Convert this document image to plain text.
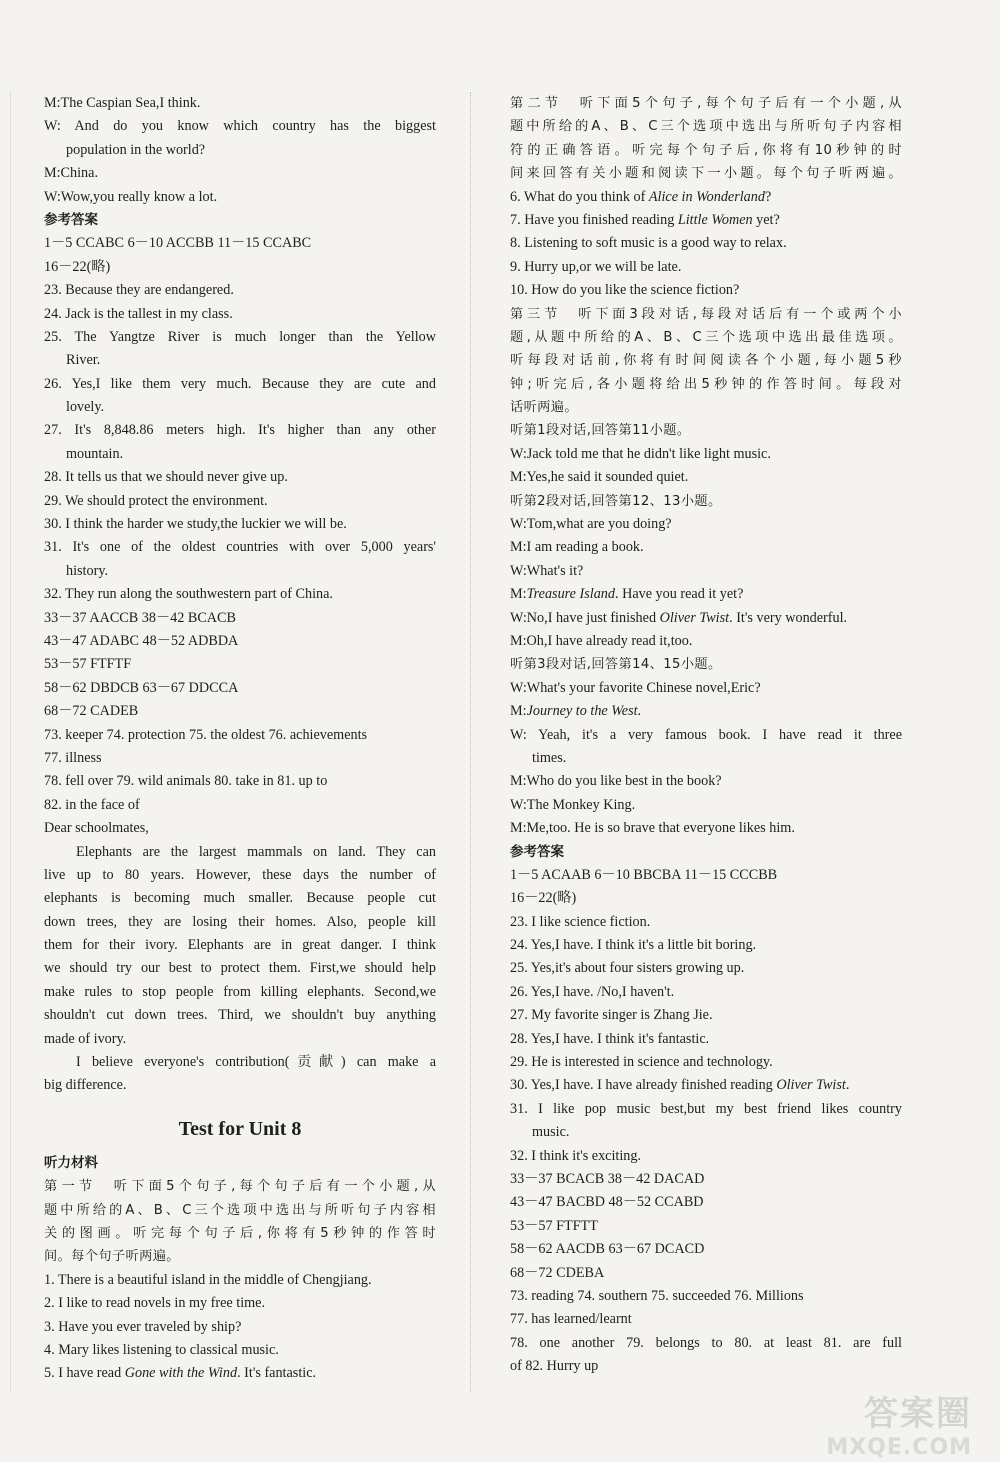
M:The Caspian Sea,I think.
W: And do you know which country has the biggest
population in the world?
M:China.
W:Wow,you really know a lot.
参考答案
1－5 CCABC 6－10 ACCBB 11－15 CCABC
16－22(略)
23. Because they are endangered.
24. Jack is the tallest in my class.
25. The Yangtze River is much longer than the Yellow
River.
26. Yes,I like them very much. Because they are cute and
lovely.
27. It's 8,848.86 meters high. It's higher than any other
mountain.
28. It tells us that we should never give up.
29. We should protect the environment.
30. I think the harder we study,the luckier we will be.
31. It's one of the oldest countries with over 5,000 years'
history.
32. They run along the southwestern part of China.
33－37 AACCB 38－42 BCACB
43－47 ADABC 48－52 ADBDA
53－57 FTFTF
58－62 DBDCB 63－67 DDCCA
68－72 CADEB
73. keeper 74. protection 75. the oldest 76. achievements
77. illness
78. fell over 79. wild animals 80. take in 81. up to
82. in the face of
Dear schoolmates,
Elephants are the largest mammals on land. They can
live up to 80 years. However, these days the number of
elephants is becoming much smaller. Because people cut
down trees, they are losing their homes. Also, people kill
them for their ivory. Elephants are in great danger. I think
we should try our best to protect them. First,we should help
make rules to stop people from killing elephants. Second,we
shouldn't cut down trees. Third, we shouldn't buy anything
made of ivory.
I believe everyone's contribution(贡献) can make a
big difference.
Test for Unit 8
听力材料
第一节　听下面5个句子,每个句子后有一个小题,从
题中所给的A、B、C三个选项中选出与所听句子内容相
关的图画。听完每个句子后,你将有5秒钟的作答时
间。每个句子听两遍。
1. There is a beautiful island in the middle of Chengjiang.
2. I like to read novels in my free time.
3. Have you ever traveled by ship?
4. Mary likes listening to classical music.
5. I have read Gone with the Wind. It's fantastic.
第二节　听下面5个句子,每个句子后有一个小题,从
题中所给的A、B、C三个选项中选出与所听句子内容相
符的正确答语。听完每个句子后,你将有10秒钟的时
间来回答有关小题和阅读下一小题。每个句子听两遍。
6. What do you think of Alice in Wonderland?
7. Have you finished reading Little Women yet?
8. Listening to soft music is a good way to relax.
9. Hurry up,or we will be late.
10. How do you like the science fiction?
第三节　听下面3段对话,每段对话后有一个或两个小
题,从题中所给的A、B、C三个选项中选出最佳选项。
听每段对话前,你将有时间阅读各个小题,每小题5秒
钟;听完后,各小题将给出5秒钟的作答时间。每段对
话听两遍。
听第1段对话,回答第11小题。
W:Jack told me that he didn't like light music.
M:Yes,he said it sounded quiet.
听第2段对话,回答第12、13小题。
W:Tom,what are you doing?
M:I am reading a book.
W:What's it?
M:Treasure Island. Have you read it yet?
W:No,I have just finished Oliver Twist. It's very wonderful.
M:Oh,I have already read it,too.
听第3段对话,回答第14、15小题。
W:What's your favorite Chinese novel,Eric?
M:Journey to the West.
W: Yeah, it's a very famous book. I have read it three
times.
M:Who do you like best in the book?
W:The Monkey King.
M:Me,too. He is so brave that everyone likes him.
参考答案
1－5 ACAAB 6－10 BBCBA 11－15 CCCBB
16－22(略)
23. I like science fiction.
24. Yes,I have. I think it's a little bit boring.
25. Yes,it's about four sisters growing up.
26. Yes,I have. /No,I haven't.
27. My favorite singer is Zhang Jie.
28. Yes,I have. I think it's fantastic.
29. He is interested in science and technology.
30. Yes,I have. I have already finished reading Oliver Twist.
31. I like pop music best,but my best friend likes country
music.
32. I think it's exciting.
33－37 BCACB 38－42 DACAD
43－47 BACBD 48－52 CCABD
53－57 FTFTT
58－62 AACDB 63－67 DCACD
68－72 CDEBA
73. reading 74. southern 75. succeeded 76. Millions
77. has learned/learnt
78. one another 79. belongs to 80. at least 81. are full
of 82. Hurry up
答案圈
MXQE.COM
